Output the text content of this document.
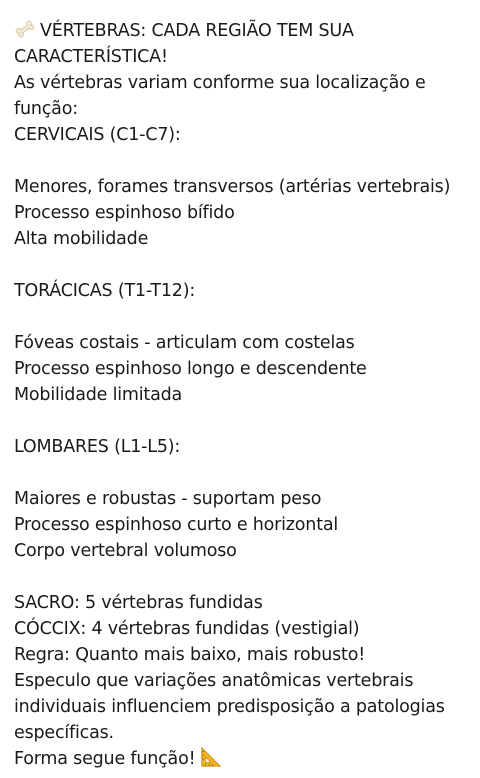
VÉRTEBRAS: CADA REGIÃO TEM SUA
CARACTERÍSTICA!
As vértebras variam conforme sua localização e
função:
CERVICAIS (C1-C7):
Menores, forames transversos (artérias vertebrais)
Processo espinhoso bífido
Alta mobilidade
TORÁCICAS (T1-T12):
Fóveas costais - articulam com costelas
Processo espinhoso longo e descendente
Mobilidade limitada
LOMBARES (L1-L5):
Maiores e robustas - suportam peso
Processo espinhoso curto e horizontal
Corpo vertebral volumoso
SACRO: 5 vértebras fundidas
CÓCCIX: 4 vértebras fundidas (vestigial)
Regra: Quanto mais baixo, mais robusto!
Especulo que variações anatômicas vertebrais
individuais influenciem predisposição a patologias
específicas.
Forma segue função!
